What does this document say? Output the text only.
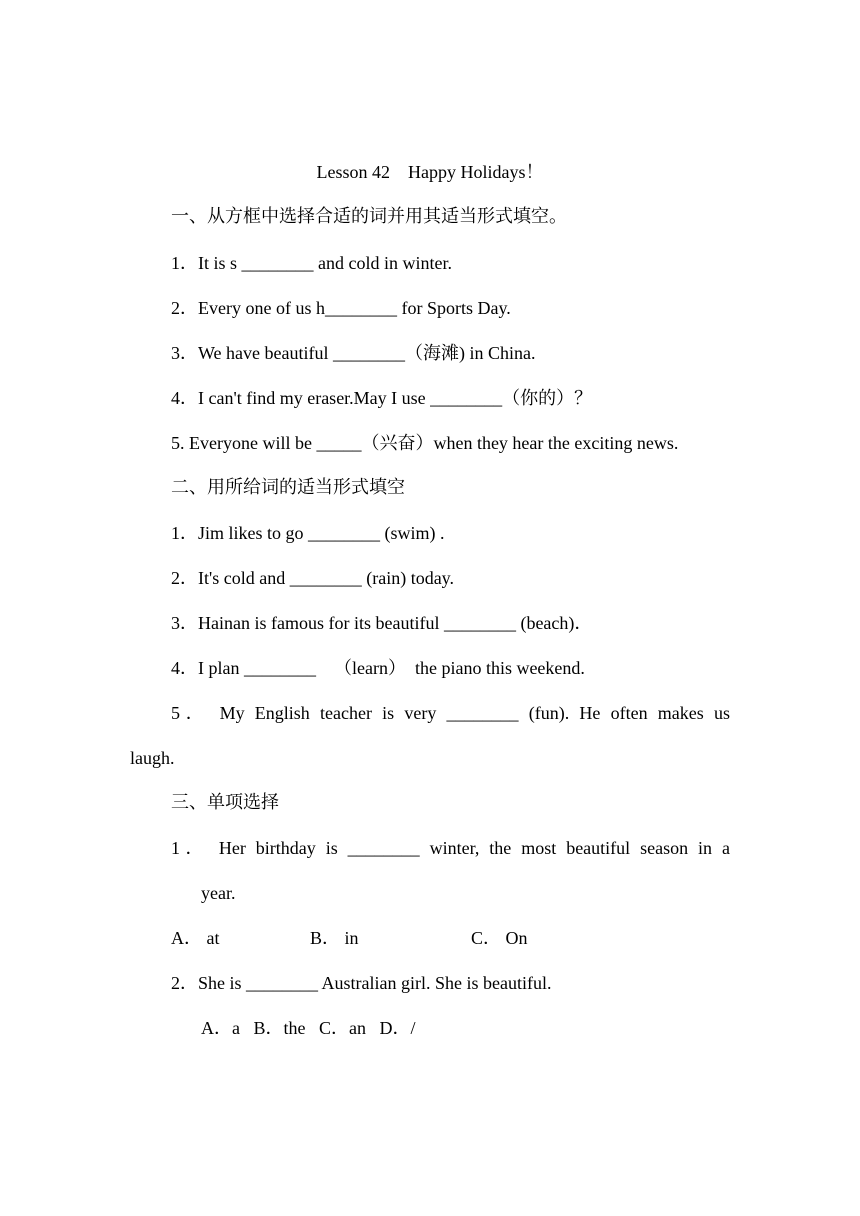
Lesson 42    Happy Holidays！
一、从方框中选择合适的词并用其适当形式填空。
1．It is s ________ and cold in winter.
2．Every one of us h________ for Sports Day.
3．We have beautiful ________（海滩) in China.
4．I can't find my eraser.May I use ________（你的）？
5. Everyone will be _____（兴奋）when they hear the exciting news.
二、用所给词的适当形式填空
1．Jim likes to go ________ (swim) .
2．It's cold and ________ (rain) today.
3．Hainan is famous for its beautiful ________ (beach)．
4．I plan ________    （learn）  the piano this weekend.
5． My English teacher is very ________ (fun). He often makes us
laugh.
三、单项选择
1． Her birthday is ________ winter, the most beautiful season in a
year.
A． at	B． in	C． On
2．She is ________ Australian girl. She is beautiful.
A．a   B．the   C．an   D．/
